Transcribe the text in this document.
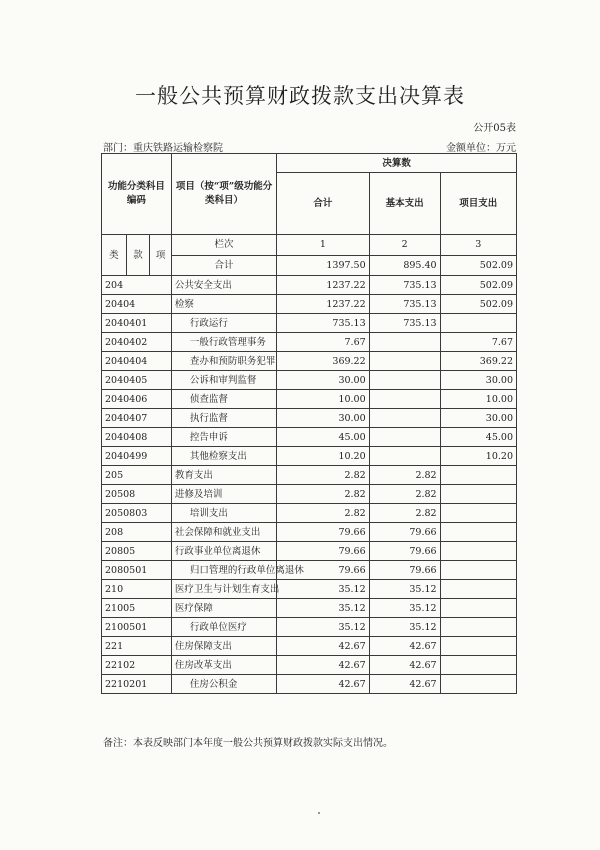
一般公共预算财政拨款支出决算表
公开05表
部门：重庆铁路运输检察院	金额单位：万元
功能分类科目编码			项目（按“项”级功能分类科目）	决算数		
				合计	基本支出	项目支出
类	款	项	栏次	1	2	3
			合计	1397.50	895.40	502.09
204			公共安全支出	1237.22	735.13	502.09
20404			检察	1237.22	735.13	502.09
2040401			行政运行	735.13	735.13	
2040402			一般行政管理事务	7.67		7.67
2040404			查办和预防职务犯罪	369.22		369.22
2040405			公诉和审判监督	30.00		30.00
2040406			侦查监督	10.00		10.00
2040407			执行监督	30.00		30.00
2040408			控告申诉	45.00		45.00
2040499			其他检察支出	10.20		10.20
205			教育支出	2.82	2.82	
20508			进修及培训	2.82	2.82	
2050803			培训支出	2.82	2.82	
208			社会保障和就业支出	79.66	79.66	
20805			行政事业单位离退休	79.66	79.66	
2080501			归口管理的行政单位离退休	79.66	79.66	
210			医疗卫生与计划生育支出	35.12	35.12	
21005			医疗保障	35.12	35.12	
2100501			行政单位医疗	35.12	35.12	
221			住房保障支出	42.67	42.67	
22102			住房改革支出	42.67	42.67	
2210201			住房公积金	42.67	42.67	
备注：本表反映部门本年度一般公共预算财政拨款实际支出情况。
